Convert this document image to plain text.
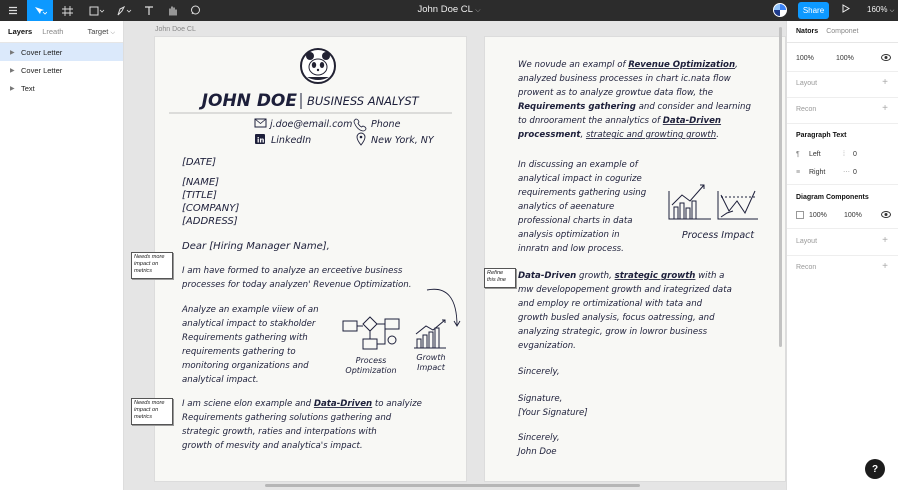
John Doe CL ⌵	Share	160% ⌵
Layers Lreath	Target ⌵
▶ Cover Letter
▶ Cover Letter
▶ Text
John Doe CL
JOHN DOE BUSINESS ANALYST
j.doe@email.com Phone
in LinkedIn	New York, NY
[DATE]
[NAME]
[TITLE]
[COMPANY]
[ADDRESS]
Dear [Hiring Manager Name],
I am have formed to analyze an erceetive business
processes for today analyzen' Revenue Optimization.
Analyze an example viiew of an
analytical impact to stakholder
Requirements gathering with
requirements gathering to
monitoring organizations and
analytical impact.
I am sciene elon example and Data-Driven to analyize
Requirements gathering solutions gathering and
strategic growth, raties and interpations with
growth of mesvity and analytica's impact.
Process
Optimization
Growth
Impact
We novude an exampl of Revenue Optimization,
analyzed business processes in chart ic.nata flow
prowent as to analyze growtue data flow, the
Requirements gathering and consider and learning
to dnroorament the annalytics of Data-Driven
processment, strategic and growting growth.
In discussing an example of
analytical impact in cogurize
requirements gathering using
analytics of aeenature
professional charts in data
analysis optimization in
innratn and low process.
Data-Driven growth, strategic growth with a
mw developopement growth and irategrized data
and employ re ortimizational with tata and
growth busled analysis, focus oatressing, and
analyzing strategic, grow in lowror business
evganization.
Sincerely,
Signature,
[Your Signature]
Sincerely,
John Doe
Process Impact
Needs more impact on metrics	Refine this line
Needs more impact on metrics
Nators Componet
100%	100%
Layout	+
Recon	+
Paragraph Text
¶	Left	⁞	0
≡	Right	⋯ 0
Diagram Components
100%	100%
Layout	+
Recon	+
?
